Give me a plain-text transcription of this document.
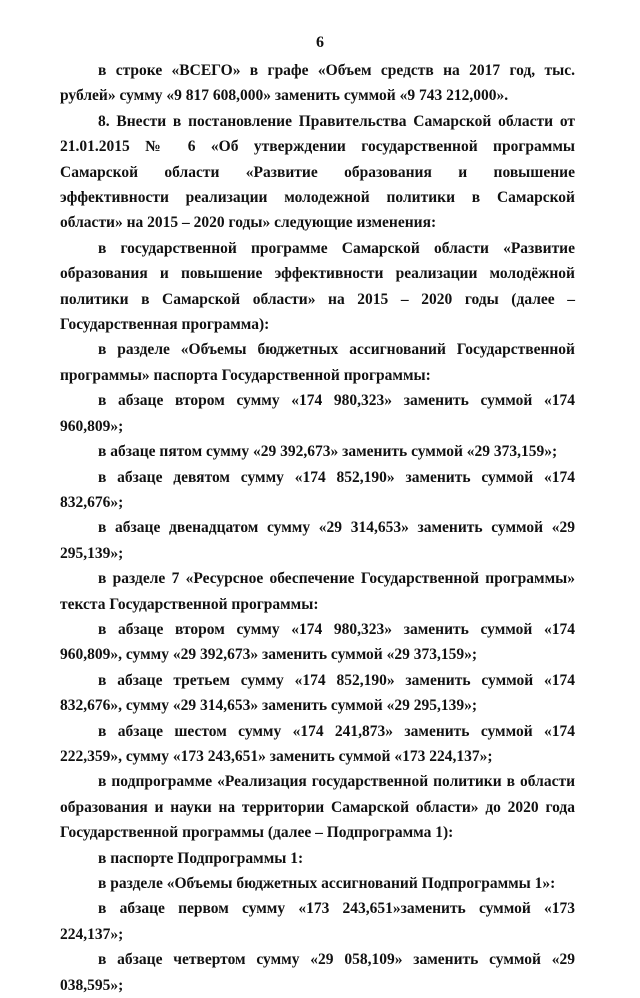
6

в строке «ВСЕГО» в графе «Объем средств на 2017 год, тыс. рублей» сумму «9 817 608,000» заменить суммой «9 743 212,000».

8. Внести в постановление Правительства Самарской области от 21.01.2015 № 6 «Об утверждении государственной программы Самарской области «Развитие образования и повышение эффективности реализации молодежной политики в Самарской области» на 2015 – 2020 годы» следующие изменения:

в государственной программе Самарской области «Развитие образования и повышение эффективности реализации молодёжной политики в Самарской области» на 2015 – 2020 годы (далее – Государственная программа):

в разделе «Объемы бюджетных ассигнований Государственной программы» паспорта Государственной программы:

в абзаце втором сумму «174 980,323» заменить суммой «174 960,809»;

в абзаце пятом сумму «29 392,673» заменить суммой «29 373,159»;

в абзаце девятом сумму «174 852,190» заменить суммой «174 832,676»;

в абзаце двенадцатом сумму «29 314,653» заменить суммой «29 295,139»;

в разделе 7 «Ресурсное обеспечение Государственной программы» текста Государственной программы:

в абзаце втором сумму «174 980,323» заменить суммой «174 960,809», сумму «29 392,673» заменить суммой «29 373,159»;

в абзаце третьем сумму «174 852,190» заменить суммой «174 832,676», сумму «29 314,653» заменить суммой «29 295,139»;

в абзаце шестом сумму «174 241,873» заменить суммой «174 222,359», сумму «173 243,651» заменить суммой «173 224,137»;

в подпрограмме «Реализация государственной политики в области образования и науки на территории Самарской области» до 2020 года Государственной программы (далее – Подпрограмма 1):

в паспорте Подпрограммы 1:

в разделе «Объемы бюджетных ассигнований Подпрограммы 1»:

в абзаце первом сумму «173 243,651»заменить суммой «173 224,137»;

в абзаце четвертом сумму «29 058,109» заменить суммой «29 038,595»;
